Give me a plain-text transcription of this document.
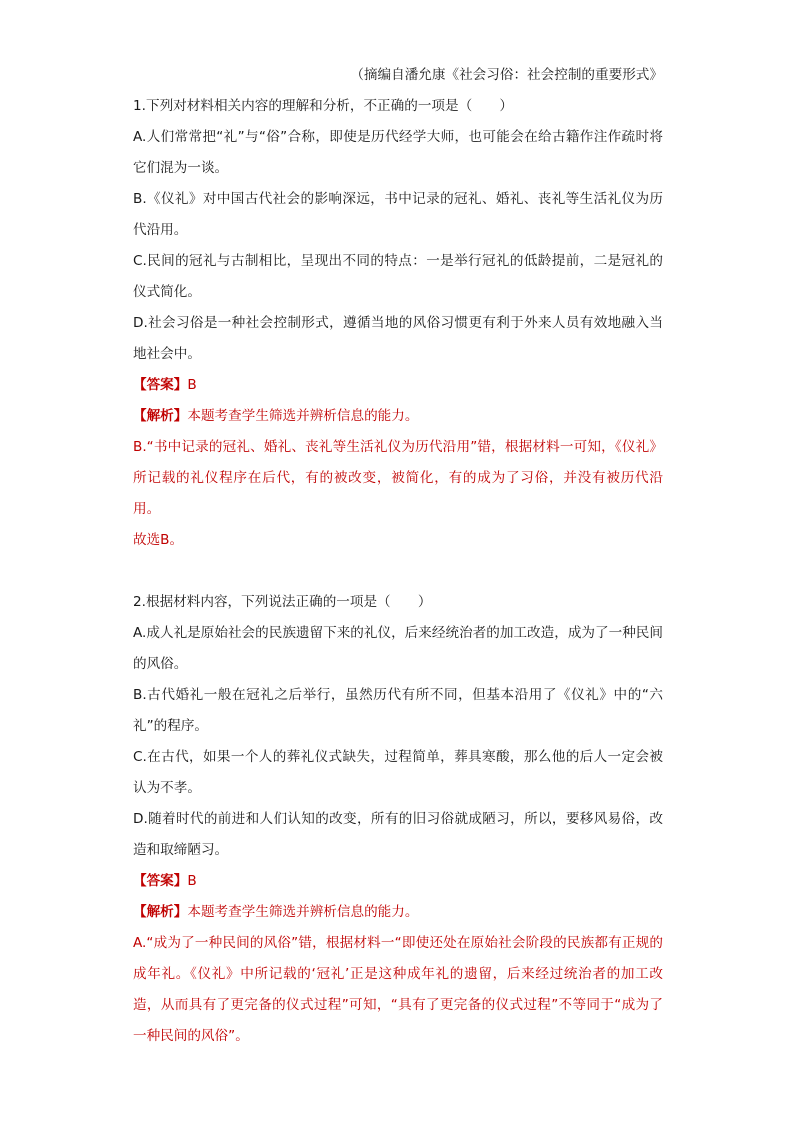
（摘编自潘允康《社会习俗：社会控制的重要形式》

1.下列对材料相关内容的理解和分析，不正确的一项是（　　）

A.人们常常把“礼”与“俗”合称，即使是历代经学大师，也可能会在给古籍作注作疏时将它们混为一谈。

B.《仪礼》对中国古代社会的影响深远，书中记录的冠礼、婚礼、丧礼等生活礼仪为历代沿用。

C.民间的冠礼与古制相比，呈现出不同的特点：一是举行冠礼的低龄提前，二是冠礼的仪式简化。

D.社会习俗是一种社会控制形式，遵循当地的风俗习惯更有利于外来人员有效地融入当地社会中。

【答案】B

【解析】本题考查学生筛选并辨析信息的能力。

B.“书中记录的冠礼、婚礼、丧礼等生活礼仪为历代沿用”错，根据材料一可知，《仪礼》所记载的礼仪程序在后代，有的被改变，被简化，有的成为了习俗，并没有被历代沿用。

故选B。

2.根据材料内容，下列说法正确的一项是（　　）

A.成人礼是原始社会的民族遗留下来的礼仪，后来经统治者的加工改造，成为了一种民间的风俗。

B.古代婚礼一般在冠礼之后举行，虽然历代有所不同，但基本沿用了《仪礼》中的“六礼”的程序。

C.在古代，如果一个人的葬礼仪式缺失，过程简单，葬具寒酸，那么他的后人一定会被认为不孝。

D.随着时代的前进和人们认知的改变，所有的旧习俗就成陋习，所以，要移风易俗，改造和取缔陋习。

【答案】B

【解析】本题考查学生筛选并辨析信息的能力。

A.“成为了一种民间的风俗”错，根据材料一“即使还处在原始社会阶段的民族都有正规的成年礼。《仪礼》中所记载的‘冠礼’正是这种成年礼的遗留，后来经过统治者的加工改造，从而具有了更完备的仪式过程”可知，“具有了更完备的仪式过程”不等同于“成为了一种民间的风俗”。
